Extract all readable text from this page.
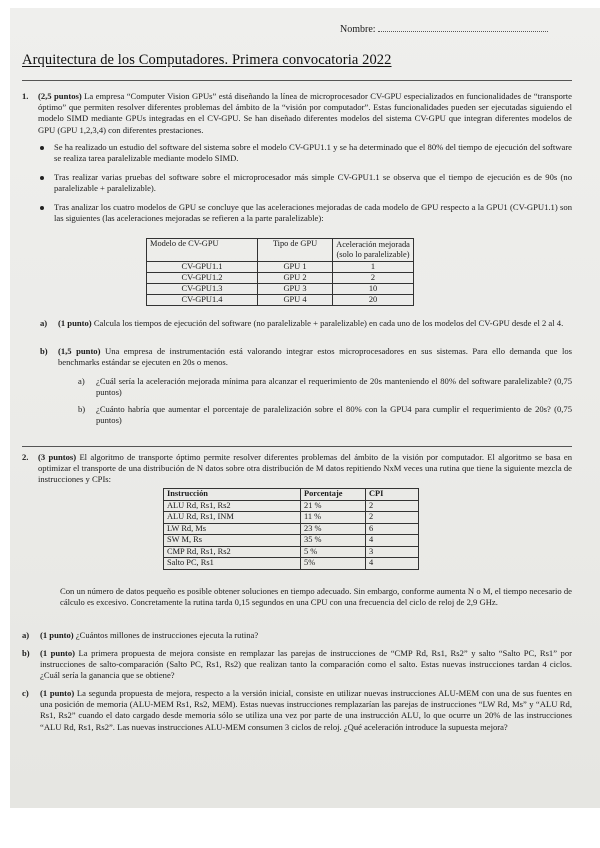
Nombre:
Arquitectura de los Computadores. Primera convocatoria 2022
1. (2,5 puntos) La empresa “Computer Vision GPUs” está diseñando la línea de microprocesador CV-GPU especializados en funcionalidades de “transporte óptimo” que permiten resolver diferentes problemas del ámbito de la “visión por computador”. Estas funcionalidades pueden ser ejecutadas siguiendo el modelo SIMD mediante GPUs integradas en el CV-GPU. Se han diseñado diferentes modelos del sistema CV-GPU que integran diferentes modelos de GPU (GPU 1,2,3,4) con diferentes prestaciones.
Se ha realizado un estudio del software del sistema sobre el modelo CV-GPU1.1 y se ha determinado que el 80% del tiempo de ejecución del software se realiza tarea paralelizable mediante modelo SIMD.
Tras realizar varias pruebas del software sobre el microprocesador más simple CV-GPU1.1 se observa que el tiempo de ejecución es de 90s (no paralelizable + paralelizable).
Tras analizar los cuatro modelos de GPU se concluye que las aceleraciones mejoradas de cada modelo de GPU respecto a la GPU1 (CV-GPU1.1) son las siguientes (las aceleraciones mejoradas se refieren a la parte paralelizable):
Modelo de CV-GPU	Tipo de GPU	Aceleración mejorada (solo lo paralelizable)
CV-GPU1.1	GPU 1	1
CV-GPU1.2	GPU 2	2
CV-GPU1.3	GPU 3	10
CV-GPU1.4	GPU 4	20
a) (1 punto) Calcula los tiempos de ejecución del software (no paralelizable + paralelizable) en cada uno de los modelos del CV-GPU desde el 2 al 4.
b) (1,5 punto) Una empresa de instrumentación está valorando integrar estos microprocesadores en sus sistemas. Para ello demanda que los benchmarks estándar se ejecuten en 20s o menos.
a) ¿Cuál sería la aceleración mejorada mínima para alcanzar el requerimiento de 20s manteniendo el 80% del software paralelizable? (0,75 puntos)
b) ¿Cuánto habría que aumentar el porcentaje de paralelización sobre el 80% con la GPU4 para cumplir el requerimiento de 20s? (0,75 puntos)
2. (3 puntos) El algoritmo de transporte óptimo permite resolver diferentes problemas del ámbito de la visión por computador. El algoritmo se basa en optimizar el transporte de una distribución de N datos sobre otra distribución de M datos repitiendo NxM veces una rutina que tiene la siguiente mezcla de instrucciones y CPIs:
Instrucción	Porcentaje	CPI
ALU Rd, Rs1, Rs2	21 %	2
ALU Rd, Rs1, INM	11 %	2
LW Rd, Ms	23 %	6
SW M, Rs	35 %	4
CMP Rd, Rs1, Rs2	5 %	3
Salto PC, Rs1	5%	4
Con un número de datos pequeño es posible obtener soluciones en tiempo adecuado. Sin embargo, conforme aumenta N o M, el tiempo necesario de cálculo es excesivo. Concretamente la rutina tarda 0,15 segundos en una CPU con una frecuencia del ciclo de reloj de 2,9 GHz.
a) (1 punto) ¿Cuántos millones de instrucciones ejecuta la rutina?
b) (1 punto) La primera propuesta de mejora consiste en remplazar las parejas de instrucciones de “CMP Rd, Rs1, Rs2” y salto “Salto PC, Rs1” por instrucciones de salto-comparación (Salto PC, Rs1, Rs2) que realizan tanto la comparación como el salto. Estas nuevas instrucciones tardan 4 ciclos. ¿Cuál sería la ganancia que se obtiene?
c) (1 punto) La segunda propuesta de mejora, respecto a la versión inicial, consiste en utilizar nuevas instrucciones ALU-MEM con una de sus fuentes en una posición de memoria (ALU-MEM Rs1, Rs2, MEM). Estas nuevas instrucciones remplazarían las parejas de instrucciones “LW Rd, Ms” y “ALU Rd, Rs1, Rs2” cuando el dato cargado desde memoria sólo se utiliza una vez por parte de una instrucción ALU, lo que ocurre un 20% de las instrucciones “ALU Rd, Rs1, Rs2”. Las nuevas instrucciones ALU-MEM consumen 3 ciclos de reloj. ¿Qué aceleración introduce la supuesta mejora?
